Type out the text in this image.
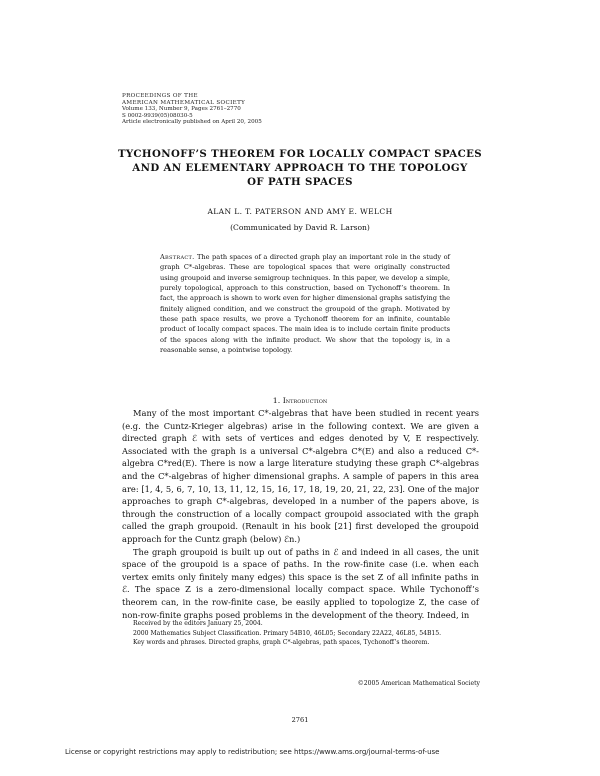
PROCEEDINGS OF THE
AMERICAN MATHEMATICAL SOCIETY
Volume 133, Number 9, Pages 2761–2770
S 0002-9939(05)08030-5
Article electronically published on April 20, 2005
TYCHONOFF’S THEOREM FOR LOCALLY COMPACT SPACES
AND AN ELEMENTARY APPROACH TO THE TOPOLOGY
OF PATH SPACES
ALAN L. T. PATERSON AND AMY E. WELCH
(Communicated by David R. Larson)
Abstract. The path spaces of a directed graph play an important role in the study of graph C*-algebras. These are topological spaces that were originally constructed using groupoid and inverse semigroup techniques. In this paper, we develop a simple, purely topological, approach to this construction, based on Tychonoff’s theorem. In fact, the approach is shown to work even for higher dimensional graphs satisfying the finitely aligned condition, and we construct the groupoid of the graph. Motivated by these path space results, we prove a Tychonoff theorem for an infinite, countable product of locally compact spaces. The main idea is to include certain finite products of the spaces along with the infinite product. We show that the topology is, in a reasonable sense, a pointwise topology.
1. Introduction

Many of the most important C*-algebras that have been studied in recent years (e.g. the Cuntz-Krieger algebras) arise in the following context. We are given a directed graph ℰ with sets of vertices and edges denoted by V, E respectively. Associated with the graph is a universal C*-algebra C*(E) and also a reduced C*-algebra C*red(E). There is now a large literature studying these graph C*-algebras and the C*-algebras of higher dimensional graphs. A sample of papers in this area are: [1, 4, 5, 6, 7, 10, 13, 11, 12, 15, 16, 17, 18, 19, 20, 21, 22, 23]. One of the major approaches to graph C*-algebras, developed in a number of the papers above, is through the construction of a locally compact groupoid associated with the graph called the graph groupoid. (Renault in his book [21] first developed the groupoid approach for the Cuntz graph (below) ℰn.)

The graph groupoid is built up out of paths in ℰ and indeed in all cases, the unit space of the groupoid is a space of paths. In the row-finite case (i.e. when each vertex emits only finitely many edges) this space is the set Z of all infinite paths in ℰ. The space Z is a zero-dimensional locally compact space. While Tychonoff’s theorem can, in the row-finite case, be easily applied to topologize Z, the case of non-row-finite graphs posed problems in the development of the theory. Indeed, in

Received by the editors January 25, 2004.

2000 Mathematics Subject Classification. Primary 54B10, 46L05; Secondary 22A22, 46L85, 54B15.

Key words and phrases. Directed graphs, graph C*-algebras, path spaces, Tychonoff’s theorem.

©2005 American Mathematical Society
2761
License or copyright restrictions may apply to redistribution; see https://www.ams.org/journal-terms-of-use
